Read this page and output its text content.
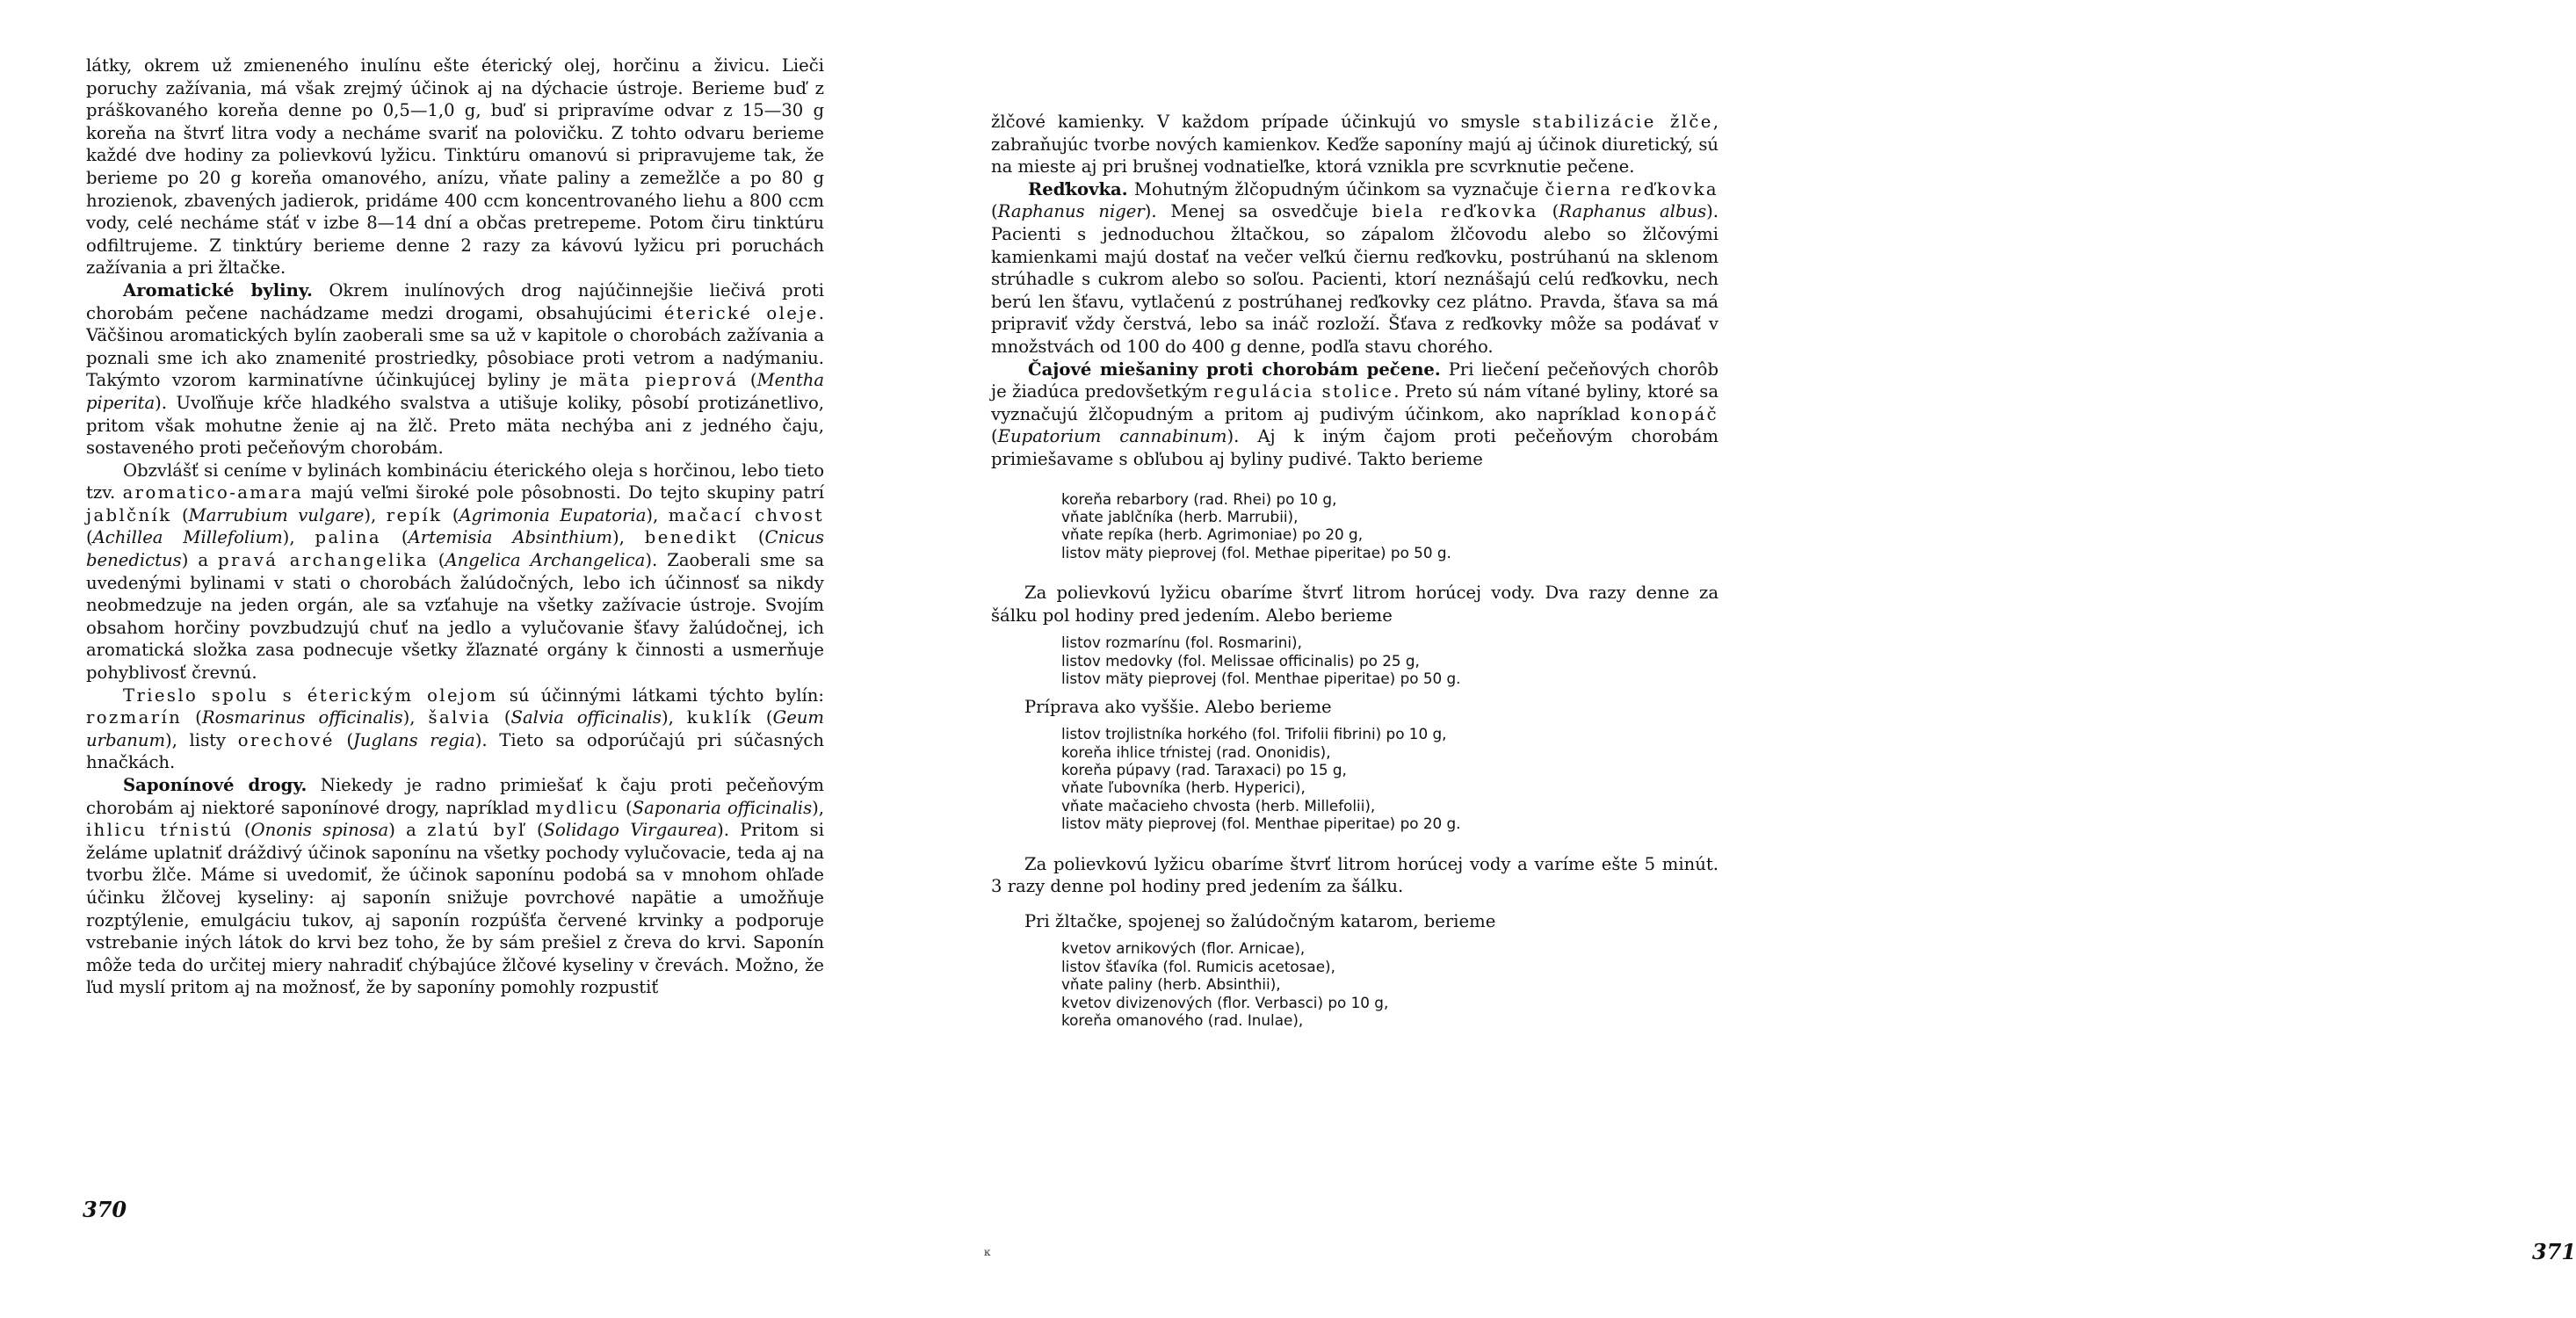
látky, okrem už zmieneného inulínu ešte éterický olej, horčinu a živicu. Lieči poruchy zažívania, má však zrejmý účinok aj na dýchacie ústroje. Berieme buď z práškovaného koreňa denne po 0,5—1,0 g, buď si pripravíme odvar z 15—30 g koreňa na štvrť litra vody a necháme svariť na polovičku. Z tohto odvaru berieme každé dve hodiny za polievkovú lyžicu. Tinktúru omanovú si pripravujeme tak, že berieme po 20 g koreňa omanového, anízu, vňate paliny a zemežlče a po 80 g hrozienok, zbavených jadierok, pridáme 400 ccm koncentrovaného liehu a 800 ccm vody, celé necháme stáť v izbe 8—14 dní a občas pretrepeme. Potom čiru tinktúru odfiltrujeme. Z tinktúry berieme denne 2 razy za kávovú lyžicu pri poruchách zažívania a pri žltačke.

Aromatické byliny. Okrem inulínových drog najúčinnejšie liečivá proti chorobám pečene nachádzame medzi drogami, obsahujúcimi éterické oleje. Väčšinou aromatických bylín zaoberali sme sa už v kapitole o chorobách zažívania a poznali sme ich ako znamenité prostriedky, pôsobiace proti vetrom a nadýmaniu. Takýmto vzorom karminatívne účinkujúcej byliny je mäta pieprová (Mentha piperita). Uvoľňuje kŕče hladkého svalstva a utišuje koliky, pôsobí protizánetlivo, pritom však mohutne ženie aj na žlč. Preto mäta nechýba ani z jedného čaju, sostaveného proti pečeňovým chorobám.

Obzvlášť si ceníme v bylinách kombináciu éterického oleja s horčinou, lebo tieto tzv. aromatico-amara majú veľmi široké pole pôsobnosti. Do tejto skupiny patrí jablčník (Marrubium vulgare), repík (Agrimonia Eupatoria), mačací chvost (Achillea Millefolium), palina (Artemisia Absinthium), benedikt (Cnicus benedictus) a pravá archangelika (Angelica Archangelica). Zaoberali sme sa uvedenými bylinami v stati o chorobách žalúdočných, lebo ich účinnosť sa nikdy neobmedzuje na jeden orgán, ale sa vzťahuje na všetky zažívacie ústroje. Svojím obsahom horčiny povzbudzujú chuť na jedlo a vylučovanie šťavy žalúdočnej, ich aromatická složka zasa podnecuje všetky žľaznaté orgány k činnosti a usmerňuje pohyblivosť črevnú.

Trieslo spolu s éterickým olejom sú účinnými látkami týchto bylín: rozmarín (Rosmarinus officinalis), šalvia (Salvia officinalis), kuklík (Geum urbanum), listy orechové (Juglans regia). Tieto sa odporúčajú pri súčasných hnačkách.

Saponínové drogy. Niekedy je radno primiešať k čaju proti pečeňovým chorobám aj niektoré saponínové drogy, napríklad mydlicu (Saponaria officinalis), ihlicu tŕnistú (Ononis spinosa) a zlatú byľ (Solidago Virgaurea). Pritom si želáme uplatniť dráždivý účinok saponínu na všetky pochody vylučovacie, teda aj na tvorbu žlče. Máme si uvedomiť, že účinok saponínu podobá sa v mnohom ohľade účinku žlčovej kyseliny: aj saponín snižuje povrchové napätie a umožňuje rozptýlenie, emulgáciu tukov, aj saponín rozpúšťa červené krvinky a podporuje vstrebanie iných látok do krvi bez toho, že by sám prešiel z čreva do krvi. Saponín môže teda do určitej miery nahradiť chýbajúce žlčové kyseliny v črevách. Možno, že ľud myslí pritom aj na možnosť, že by saponíny pomohly rozpustiť

370

žlčové kamienky. V každom prípade účinkujú vo smysle stabilizácie žlče, zabraňujúc tvorbe nových kamienkov. Keďže saponíny majú aj účinok diuretický, sú na mieste aj pri brušnej vodnatieľke, ktorá vznikla pre scvrknutie pečene.

Reďkovka. Mohutným žlčopudným účinkom sa vyznačuje čierna reďkovka (Raphanus niger). Menej sa osvedčuje biela reďkovka (Raphanus albus). Pacienti s jednoduchou žltačkou, so zápalom žlčovodu alebo so žlčovými kamienkami majú dostať na večer veľkú čiernu reďkovku, postrúhanú na sklenom strúhadle s cukrom alebo so soľou. Pacienti, ktorí neznášajú celú reďkovku, nech berú len šťavu, vytlačenú z postrúhanej reďkovky cez plátno. Pravda, šťava sa má pripraviť vždy čerstvá, lebo sa ináč rozloží. Šťava z reďkovky môže sa podávať v množstvách od 100 do 400 g denne, podľa stavu chorého.

Čajové miešaniny proti chorobám pečene. Pri liečení pečeňových chorôb je žiadúca predovšetkým regulácia stolice. Preto sú nám vítané byliny, ktoré sa vyznačujú žlčopudným a pritom aj pudivým účinkom, ako napríklad konopáč (Eupatorium cannabinum). Aj k iným čajom proti pečeňovým chorobám primiešavame s obľubou aj byliny pudivé. Takto berieme

koreňa rebarbory (rad. Rhei) po 10 g,
vňate jablčníka (herb. Marrubii),
vňate repíka (herb. Agrimoniae) po 20 g,
listov mäty pieprovej (fol. Methae piperitae) po 50 g.

Za polievkovú lyžicu obaríme štvrť litrom horúcej vody. Dva razy denne za šálku pol hodiny pred jedením. Alebo berieme

listov rozmarínu (fol. Rosmarini),
listov medovky (fol. Melissae officinalis) po 25 g,
listov mäty pieprovej (fol. Menthae piperitae) po 50 g.

Príprava ako vyššie. Alebo berieme

listov trojlistníka horkého (fol. Trifolii fibrini) po 10 g,
koreňa ihlice tŕnistej (rad. Ononidis),
koreňa púpavy (rad. Taraxaci) po 15 g,
vňate ľubovníka (herb. Hyperici),
vňate mačacieho chvosta (herb. Millefolii),
listov mäty pieprovej (fol. Menthae piperitae) po 20 g.

Za polievkovú lyžicu obaríme štvrť litrom horúcej vody a varíme ešte 5 minút. 3 razy denne pol hodiny pred jedením za šálku.

Pri žltačke, spojenej so žalúdočným katarom, berieme

kvetov arnikových (flor. Arnicae),
listov šťavíka (fol. Rumicis acetosae),
vňate paliny (herb. Absinthii),
kvetov divizenových (flor. Verbasci) po 10 g,
koreňa omanového (rad. Inulae),
ĸ	371
